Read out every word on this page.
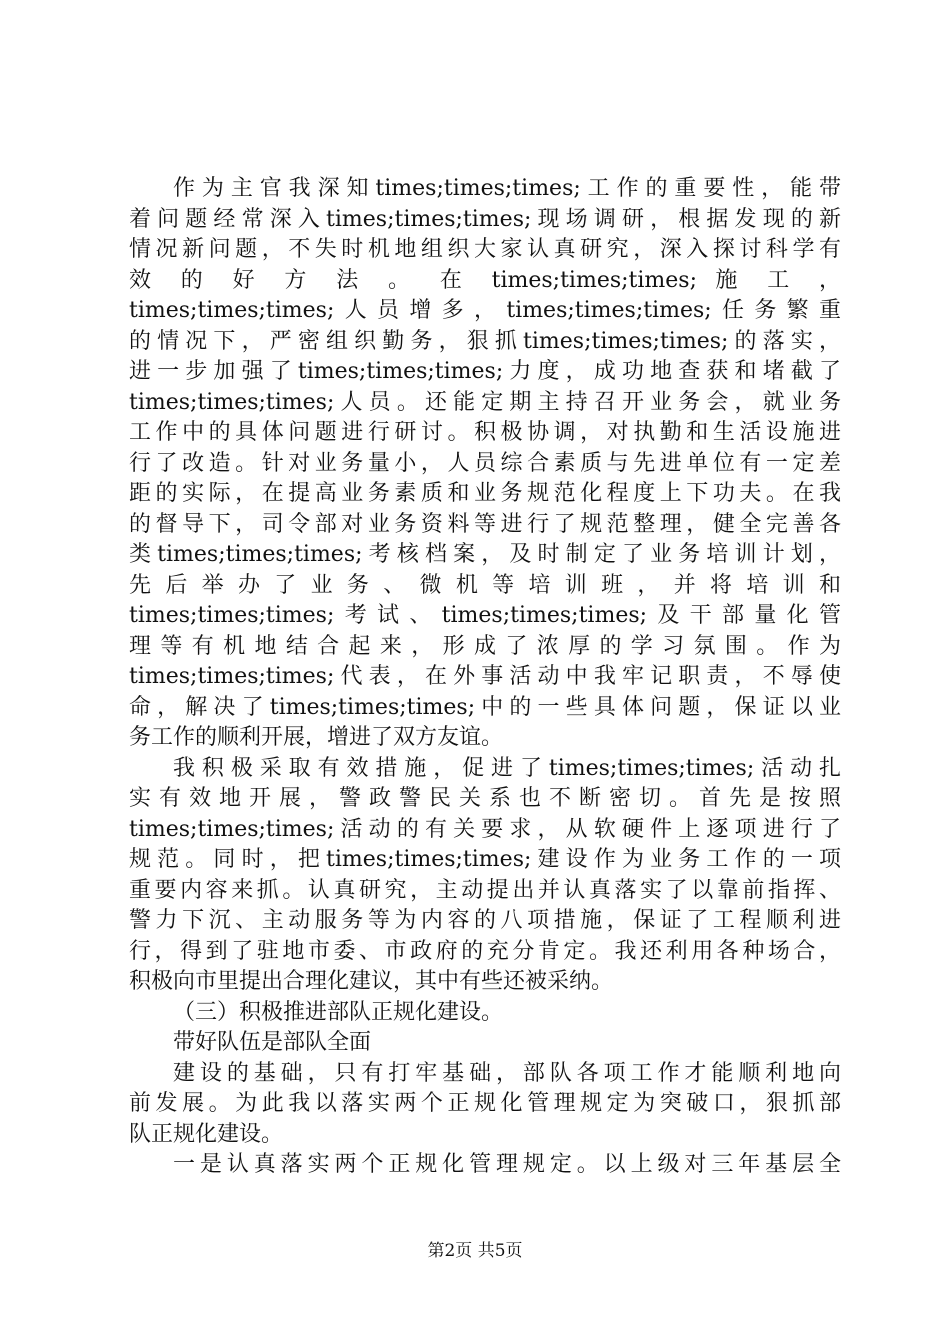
作为主官我深知times;times;times;工作的重要性，能带
着问题经常深入times;times;times;现场调研，根据发现的新
情况新问题，不失时机地组织大家认真研究，深入探讨科学有
效 的 好 方 法 。 在 times;times;times; 施 工 ，
times;times;times;人员增多，times;times;times;任务繁重
的情况下，严密组织勤务，狠抓times;times;times;的落实，
进一步加强了times;times;times;力度，成功地查获和堵截了
times;times;times;人员。还能定期主持召开业务会，就业务
工作中的具体问题进行研讨。积极协调，对执勤和生活设施进
行了改造。针对业务量小，人员综合素质与先进单位有一定差
距的实际，在提高业务素质和业务规范化程度上下功夫。在我
的督导下，司令部对业务资料等进行了规范整理，健全完善各
类times;times;times;考核档案，及时制定了业务培训计划，
先 后 举 办 了 业 务 、 微 机 等 培 训 班 ， 并 将 培 训 和
times;times;times;考试、times;times;times;及干部量化管
理 等 有 机 地 结 合 起 来 ， 形 成 了 浓 厚 的 学 习 氛 围 。 作 为
times;times;times;代表，在外事活动中我牢记职责，不辱使
命，解决了times;times;times;中的一些具体问题，保证以业
务工作的顺利开展，增进了双方友谊。
我积极采取有效措施，促进了times;times;times;活动扎
实有效地开展，警政警民关系也不断密切。首先是按照
times;times;times;活动的有关要求，从软硬件上逐项进行了
规范。同时，把times;times;times;建设作为业务工作的一项
重要内容来抓。认真研究，主动提出并认真落实了以靠前指挥、
警力下沉、主动服务等为内容的八项措施，保证了工程顺利进
行，得到了驻地市委、市政府的充分肯定。我还利用各种场合，
积极向市里提出合理化建议，其中有些还被采纳。
（三）积极推进部队正规化建设。
带好队伍是部队全面
建设的基础，只有打牢基础，部队各项工作才能顺利地向
前发展。为此我以落实两个正规化管理规定为突破口，狠抓部
队正规化建设。
一是认真落实两个正规化管理规定。以上级对三年基层全
第2页 共5页
